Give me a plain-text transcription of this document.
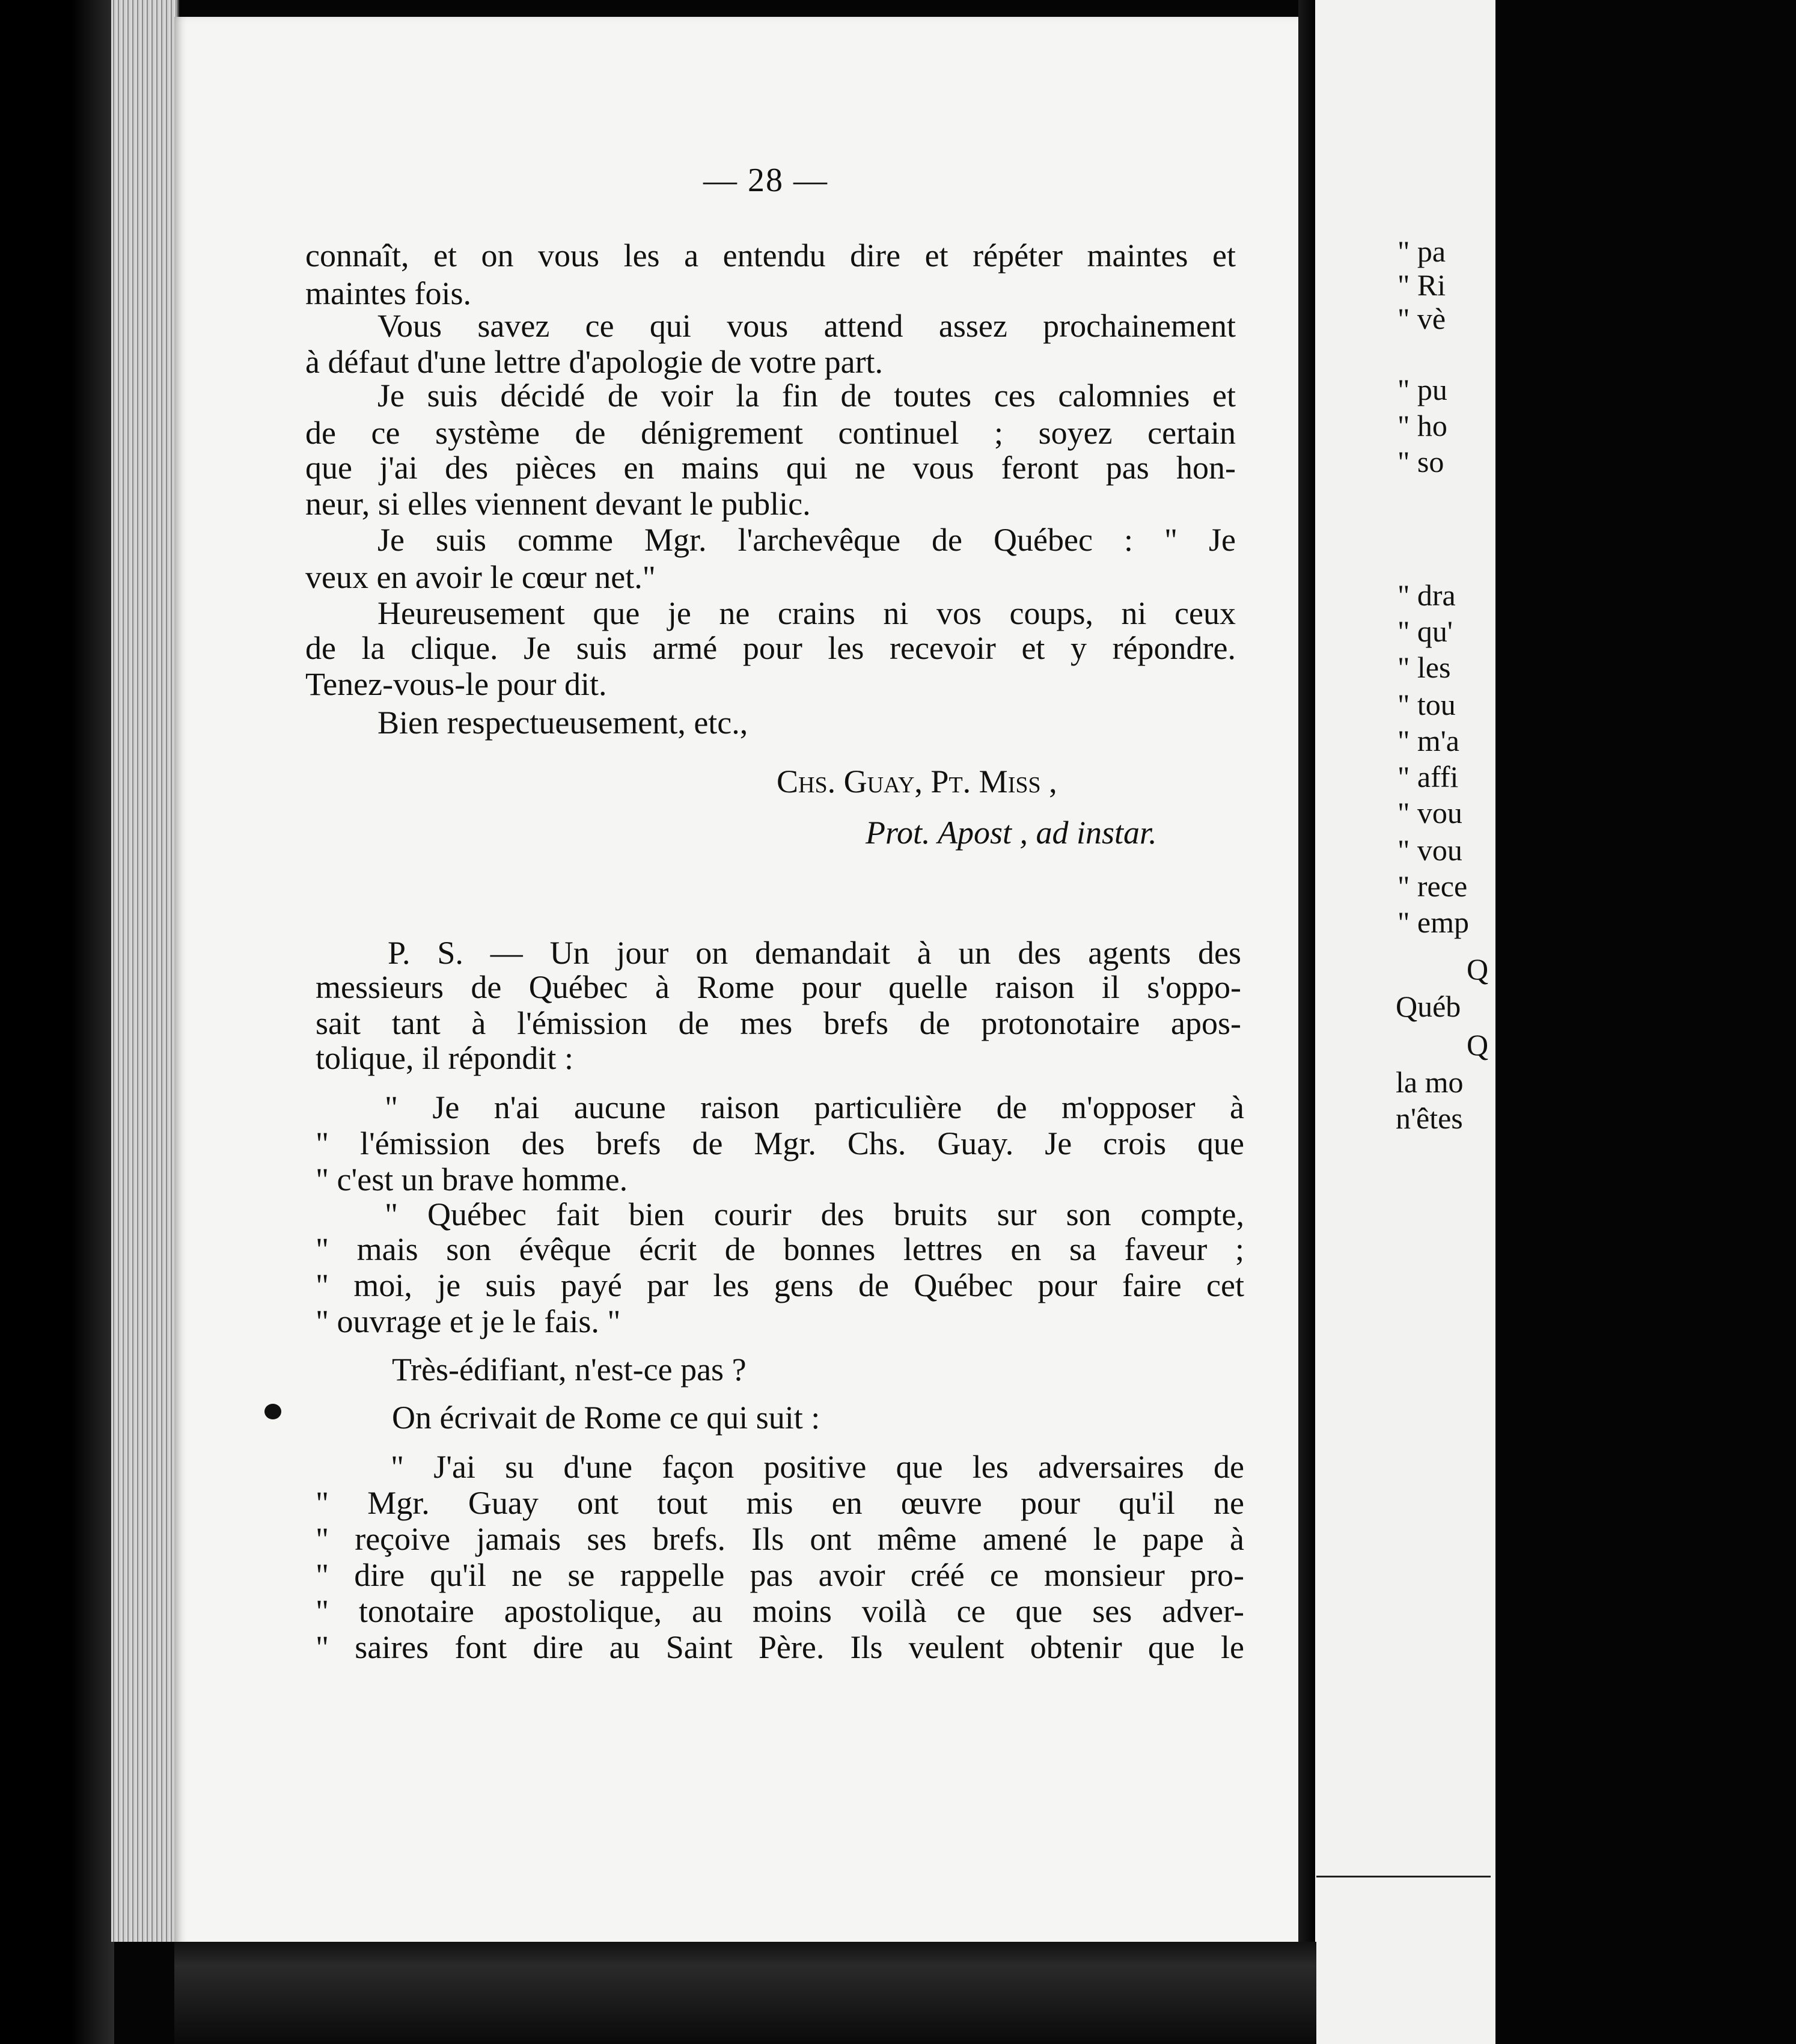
— 28 —
connaît, et on vous les a entendu dire et répéter maintes et
maintes fois.
Vous savez ce qui vous attend assez prochainement
à défaut d'une lettre d'apologie de votre part.
Je suis décidé de voir la fin de toutes ces calomnies et
de ce système de dénigrement continuel ; soyez certain
que j'ai des pièces en mains qui ne vous feront pas hon-
neur, si elles viennent devant le public.
Je suis comme Mgr. l'archevêque de Québec : " Je
veux en avoir le cœur net."
Heureusement que je ne crains ni vos coups, ni ceux
de la clique. Je suis armé pour les recevoir et y répondre.
Tenez-vous-le pour dit.
Bien respectueusement, etc.,
Chs. Guay, Pt. Miss ,
Prot. Apost , ad instar.
P. S. — Un jour on demandait à un des agents des
messieurs de Québec à Rome pour quelle raison il s'oppo-
sait tant à l'émission de mes brefs de protonotaire apos-
tolique, il répondit :
" Je n'ai aucune raison particulière de m'opposer à
" l'émission des brefs de Mgr. Chs. Guay. Je crois que
" c'est un brave homme.
" Québec fait bien courir des bruits sur son compte,
" mais son évêque écrit de bonnes lettres en sa faveur ;
" moi, je suis payé par les gens de Québec pour faire cet
" ouvrage et je le fais. "
Très-édifiant, n'est-ce pas ?
On écrivait de Rome ce qui suit :
" J'ai su d'une façon positive que les adversaires de
" Mgr. Guay ont tout mis en œuvre pour qu'il ne
" reçoive jamais ses brefs. Ils ont même amené le pape à
" dire qu'il ne se rappelle pas avoir créé ce monsieur pro-
" tonotaire apostolique, au moins voilà ce que ses adver-
" saires font dire au Saint Père. Ils veulent obtenir que le
" pa
" Ri
" vè
" pu
" ho
" so
" dra
" qu'
" les
" tou
" m'a
" affi
" vou
" vou
" rece
" emp
Q
Québ
Q
la mo
n'êtes
